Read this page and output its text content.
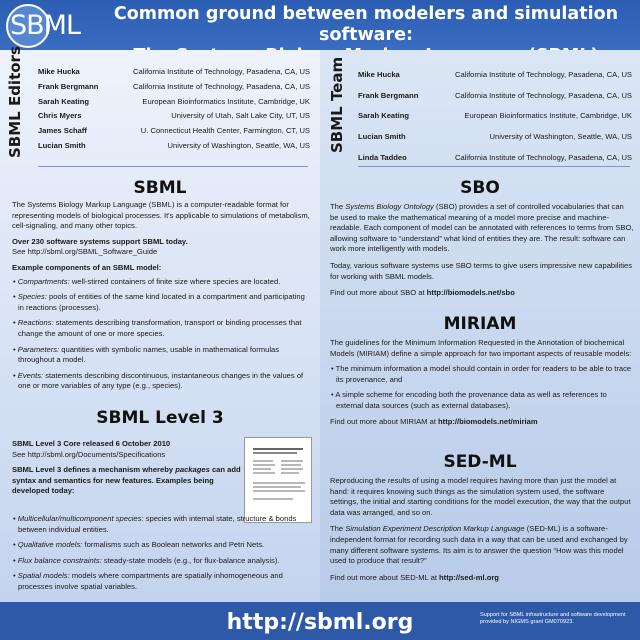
SBML	Common ground between modelers and simulation software:
SBML Editors Mike Hucka	California Institute of Technology, Pasadena, CA, US
Frank Bergmann	California Institute of Technology, Pasadena, CA, US
Sarah Keating	European Bioinformatics Institute, Cambridge, UK
Chris Myers	University of Utah, Salt Lake City, UT, US
James Schaff	U. Connecticut Health Center, Farmington, CT, US
Lucian Smith	University of Washington, Seattle, WA, US
SBML

The Systems Biology Markup Language (SBML) is a computer-readable format for representing models of biological processes. It's applicable to simulations of metabolism, cell-signaling, and many other topics.

Over 230 software systems support SBML today.

See http://sbml.org/SBML_Software_Guide

Example components of an SBML model:
• Compartments: well-stirred containers of finite size where species are located.
• Species: pools of entities of the same kind located in a compartment and participating in reactions (processes).
• Reactions: statements describing transformation, transport or binding processes that change the amount of one or more species.
• Parameters: quantities with symbolic names, usable in mathematical formulas throughout a model.
• Events: statements describing discontinuous, instantaneous changes in the values of one or more variables of any type (e.g., species).
SBML Level 3
SBML Level 3 Core released 6 October 2010

See http://sbml.org/Documents/Specifications

SBML Level 3 defines a mechanism whereby packages can add syntax and semantics for new features. Examples being developed today:

• Multicellular/multicomponent species: species with internal state, structure & bonds between individual entities.
• Qualitative models: formalisms such as Boolean networks and Petri Nets.
• Flux balance constraints: steady-state models (e.g., for flux-balance analysis).
• Spatial models: models where compartments are spatially inhomogeneous and processes involve spatial variables.
SBML Team Mike Hucka	California Institute of Technology, Pasadena, CA, US
Frank Bergmann	California Institute of Technology, Pasadena, CA, US
Sarah Keating	European Bioinformatics Institute, Cambridge, UK
Lucian Smith	University of Washington, Seattle, WA, US
Linda Taddeo	California Institute of Technology, Pasadena, CA, US
SBO

The Systems Biology Ontology (SBO) provides a set of controlled vocabularies that can be used to make the mathematical meaning of a model more precise and machine-readable. Each component of model can be annotated with references to terms from SBO, allowing software to “understand” what kind of entities they are. The result: software can work more intelligently with models.

Today, various software systems use SBO terms to give users impressive new capabilities for working with SBML models.

Find out more about SBO at http://biomodels.net/sbo

MIRIAM

The guidelines for the Minimum Information Requested in the Annotation of biochemical Models (MIRIAM) define a simple approach for two important aspects of reusable models:

• The minimum information a model should contain in order for readers to be able to trace its provenance, and
• A simple scheme for encoding both the provenance data as well as references to external data sources (such as external databases).

Find out more about MIRIAM at http://biomodels.net/miriam

SED-ML

Reproducing the results of using a model requires having more than just the model at hand: it requires knowing such things as the simulation system used, the software settings, the initial and starting conditions for the model execution, the way that the output data was arranged, and so on.

The Simulation Experiment Description Markup Language (SED-ML) is a software-independent format for recording such data in a way that can be used and exchanged by many different software systems. Its aim is to answer the question “How was this model used to produce that result?”

Find out more about SED-ML at http://sed-ml.org

http://sbml.org	Support for SBML infrastructure and software development provided by NIGMS grant GM070923.
